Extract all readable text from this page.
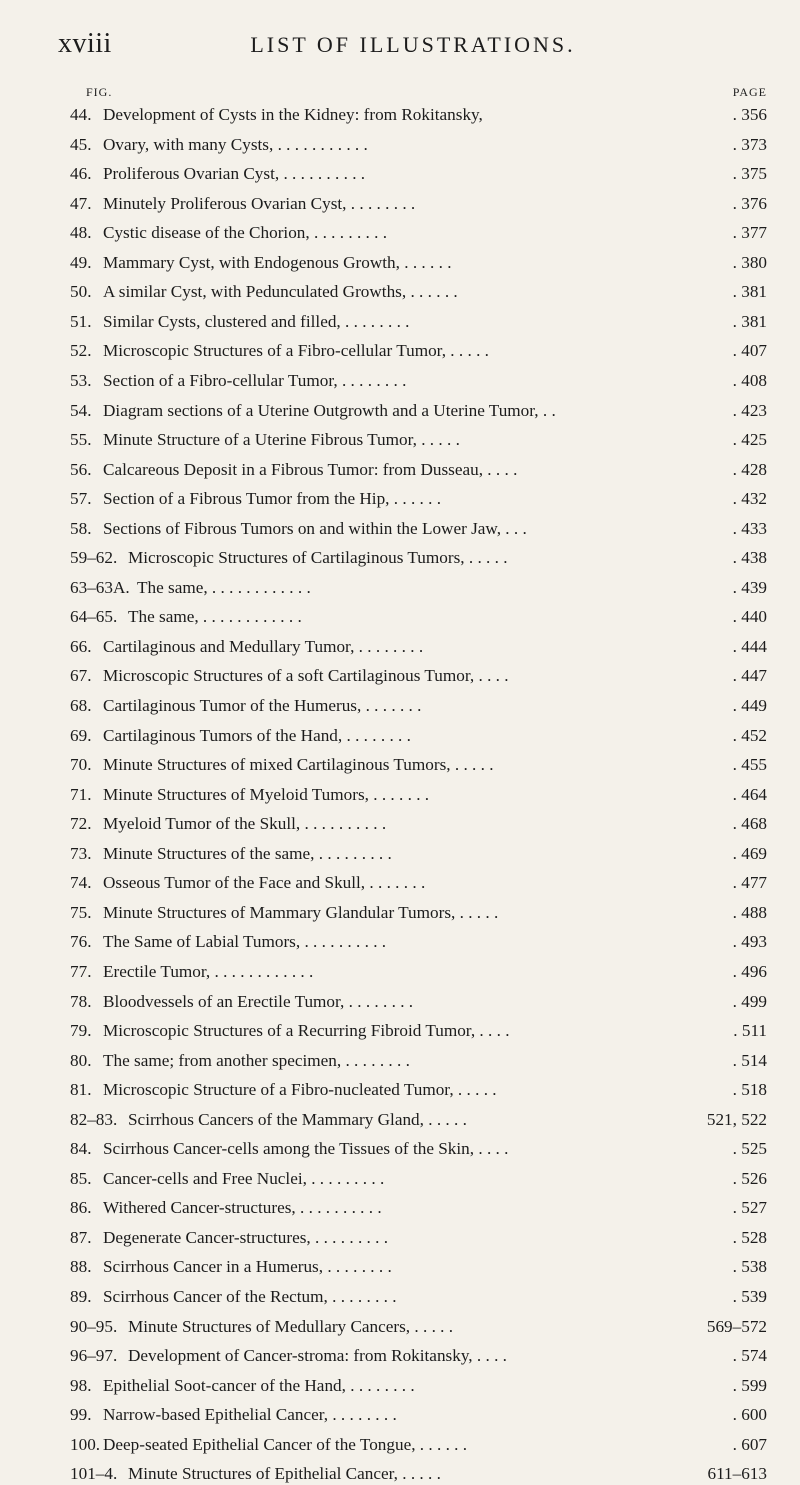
xviii	LIST OF ILLUSTRATIONS.
FIG.	PAGE
44. Development of Cysts in the Kidney: from Rokitansky,	. 356
45. Ovary, with many Cysts, . . . . . . . . . . .	. 373
46. Proliferous Ovarian Cyst, . . . . . . . . . .	. 375
47. Minutely Proliferous Ovarian Cyst, . . . . . . . .	. 376
48. Cystic disease of the Chorion, . . . . . . . . .	. 377
49. Mammary Cyst, with Endogenous Growth, . . . . . .	. 380
50. A similar Cyst, with Pedunculated Growths, . . . . . .	. 381
51. Similar Cysts, clustered and filled, . . . . . . . .	. 381
52. Microscopic Structures of a Fibro-cellular Tumor, . . . . .	. 407
53. Section of a Fibro-cellular Tumor, . . . . . . . .	. 408
54. Diagram sections of a Uterine Outgrowth and a Uterine Tumor, . .	. 423
55. Minute Structure of a Uterine Fibrous Tumor, . . . . .	. 425
56. Calcareous Deposit in a Fibrous Tumor: from Dusseau, . . . .	. 428
57. Section of a Fibrous Tumor from the Hip, . . . . . .	. 432
58. Sections of Fibrous Tumors on and within the Lower Jaw, . . .	. 433
59–62. Microscopic Structures of Cartilaginous Tumors, . . . . .	. 438
63–63A. The same, . . . . . . . . . . . .	. 439
64–65. The same, . . . . . . . . . . . .	. 440
66. Cartilaginous and Medullary Tumor, . . . . . . . .	. 444
67. Microscopic Structures of a soft Cartilaginous Tumor, . . . .	. 447
68. Cartilaginous Tumor of the Humerus, . . . . . . .	. 449
69. Cartilaginous Tumors of the Hand, . . . . . . . .	. 452
70. Minute Structures of mixed Cartilaginous Tumors, . . . . .	. 455
71. Minute Structures of Myeloid Tumors, . . . . . . .	. 464
72. Myeloid Tumor of the Skull, . . . . . . . . . .	. 468
73. Minute Structures of the same, . . . . . . . . .	. 469
74. Osseous Tumor of the Face and Skull, . . . . . . .	. 477
75. Minute Structures of Mammary Glandular Tumors, . . . . .	. 488
76. The Same of Labial Tumors, . . . . . . . . . .	. 493
77. Erectile Tumor, . . . . . . . . . . . .	. 496
78. Bloodvessels of an Erectile Tumor, . . . . . . . .	. 499
79. Microscopic Structures of a Recurring Fibroid Tumor, . . . .	. 511
80. The same; from another specimen, . . . . . . . .	. 514
81. Microscopic Structure of a Fibro-nucleated Tumor, . . . . .	. 518
82–83. Scirrhous Cancers of the Mammary Gland, . . . . .	521, 522
84. Scirrhous Cancer-cells among the Tissues of the Skin, . . . .	. 525
85. Cancer-cells and Free Nuclei, . . . . . . . . .	. 526
86. Withered Cancer-structures, . . . . . . . . . .	. 527
87. Degenerate Cancer-structures, . . . . . . . . .	. 528
88. Scirrhous Cancer in a Humerus, . . . . . . . .	. 538
89. Scirrhous Cancer of the Rectum, . . . . . . . .	. 539
90–95. Minute Structures of Medullary Cancers, . . . . .	569–572
96–97. Development of Cancer-stroma: from Rokitansky, . . . .	. 574
98. Epithelial Soot-cancer of the Hand, . . . . . . . .	. 599
99. Narrow-based Epithelial Cancer, . . . . . . . .	. 600
100. Deep-seated Epithelial Cancer of the Tongue, . . . . . .	. 607
101–4. Minute Structures of Epithelial Cancer, . . . . .	611–613
